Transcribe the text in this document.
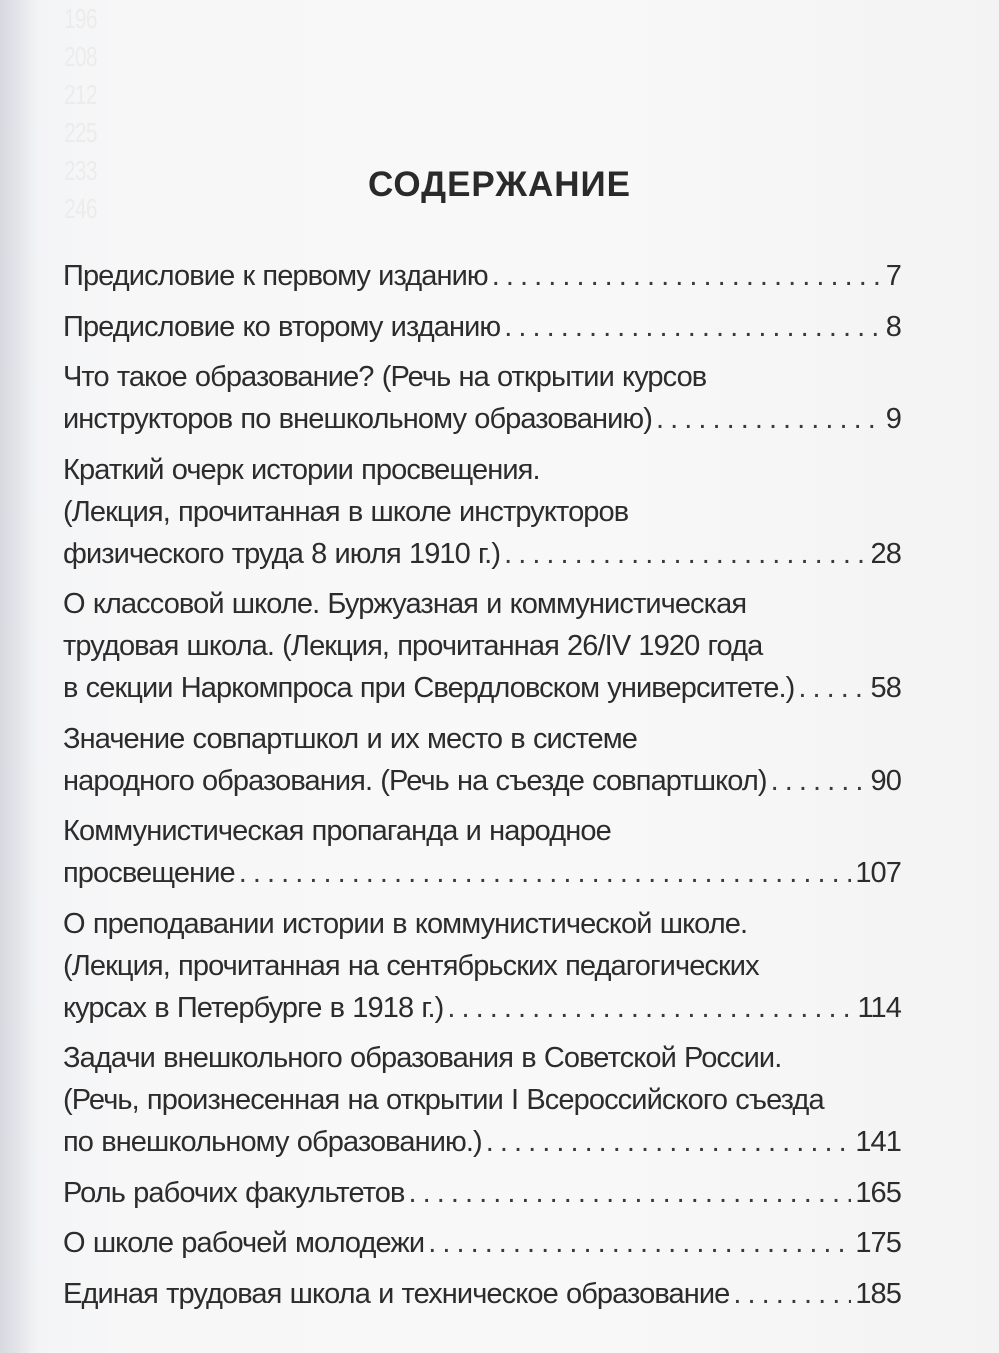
196
208
212
225
233
246
СОДЕРЖАНИЕ
Предисловие к первому изданию . . .	7
Предисловие ко второму изданию . . .	8
Что такое образование? (Речь на открытии курсов
инструкторов по внешкольному образованию) . . .	9
Краткий очерк истории просвещения.
(Лекция, прочитанная в школе инструкторов
физического труда 8 июля 1910 г.) . . .	28
О классовой школе. Буржуазная и коммунистическая
трудовая школа. (Лекция, прочитанная 26/IV 1920 года
в секции Наркомпроса при Свердловском университете.) . . .	58
Значение совпартшкол и их место в системе
народного образования. (Речь на съезде совпартшкол) . . .	90
Коммунистическая пропаганда и народное
просвещение . . .	107
О преподавании истории в коммунистической школе.
(Лекция, прочитанная на сентябрьских педагогических
курсах в Петербурге в 1918 г.) . . .	114
Задачи внешкольного образования в Советской России.
(Речь, произнесенная на открытии I Всероссийского съезда
по внешкольному образованию.) . . .	141
Роль рабочих факультетов . . .	165
О школе рабочей молодежи . . .	175
Единая трудовая школа и техническое образование . . .	185
